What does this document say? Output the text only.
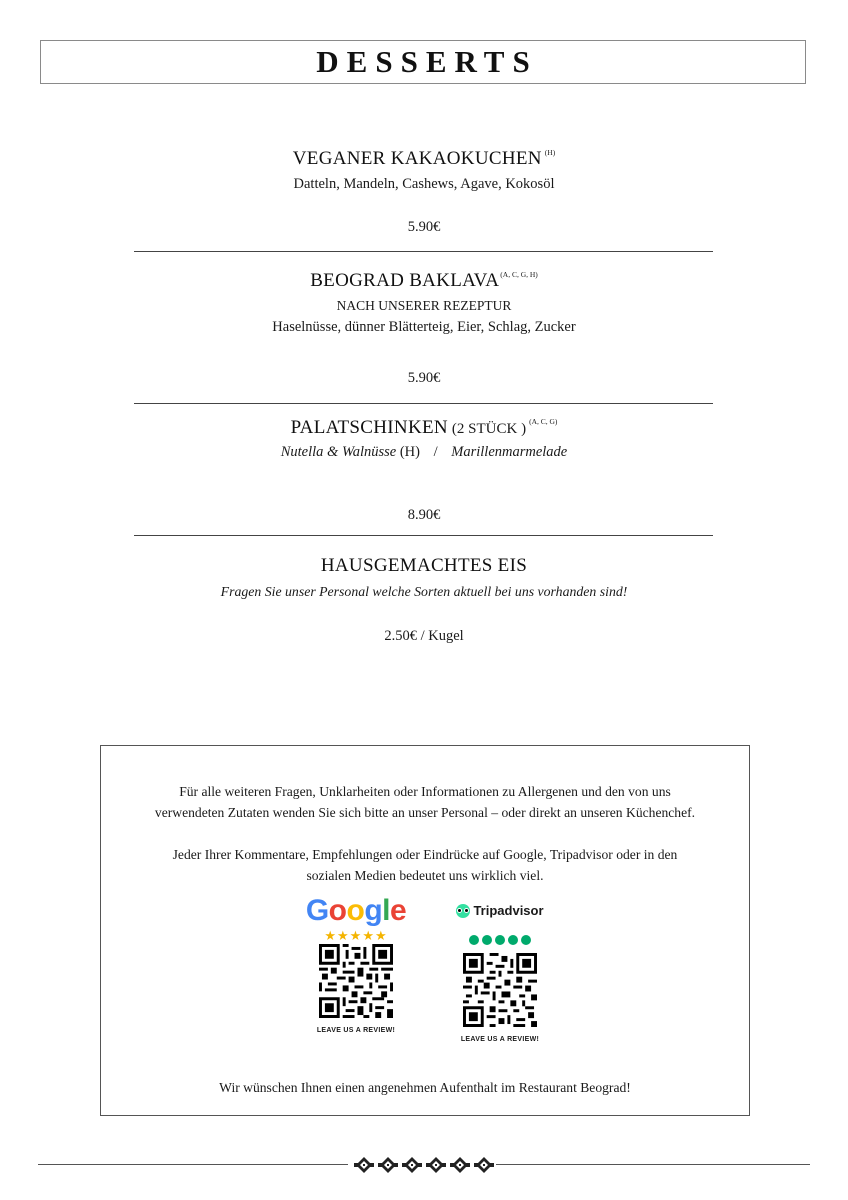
DESSERTS
VEGANER KAKAOKUCHEN $^{(H)}$
Datteln, Mandeln, Cashews, Agave, Kokosöl
5.90€
BEOGRAD $BAKLAVA^{(A, C, G, H)}$
NACH UNSERER REZEPTUR
Haselnüsse, dünner Blätterteig, Eier, Schlag, Zucker
5.90€
PALATSCHINKEN (2 STÜCK ) $^{(A, C, G)}$
Nutella & Walnüsse (H) / Marillenmarmelade
8.90€
HAUSGEMACHTES EIS
Fragen Sie unser Personal welche Sorten aktuell bei uns vorhanden sind!
2.50€ / Kugel
Für alle weiteren Fragen, Unklarheiten oder Informationen zu Allergenen und den von uns
verwendeten Zutaten wenden Sie sich bitte an unser Personal – oder direkt an unseren Küchenchef.
Jeder Ihrer Kommentare, Empfehlungen oder Eindrücke auf Google, Tripadvisor oder in den
sozialen Medien bedeutet uns wirklich viel.
Google
★★★★★
LEAVE US A REVIEW!
Tripadvisor
LEAVE US A REVIEW!
Wir wünschen Ihnen einen angenehmen Aufenthalt im Restaurant Beograd!
